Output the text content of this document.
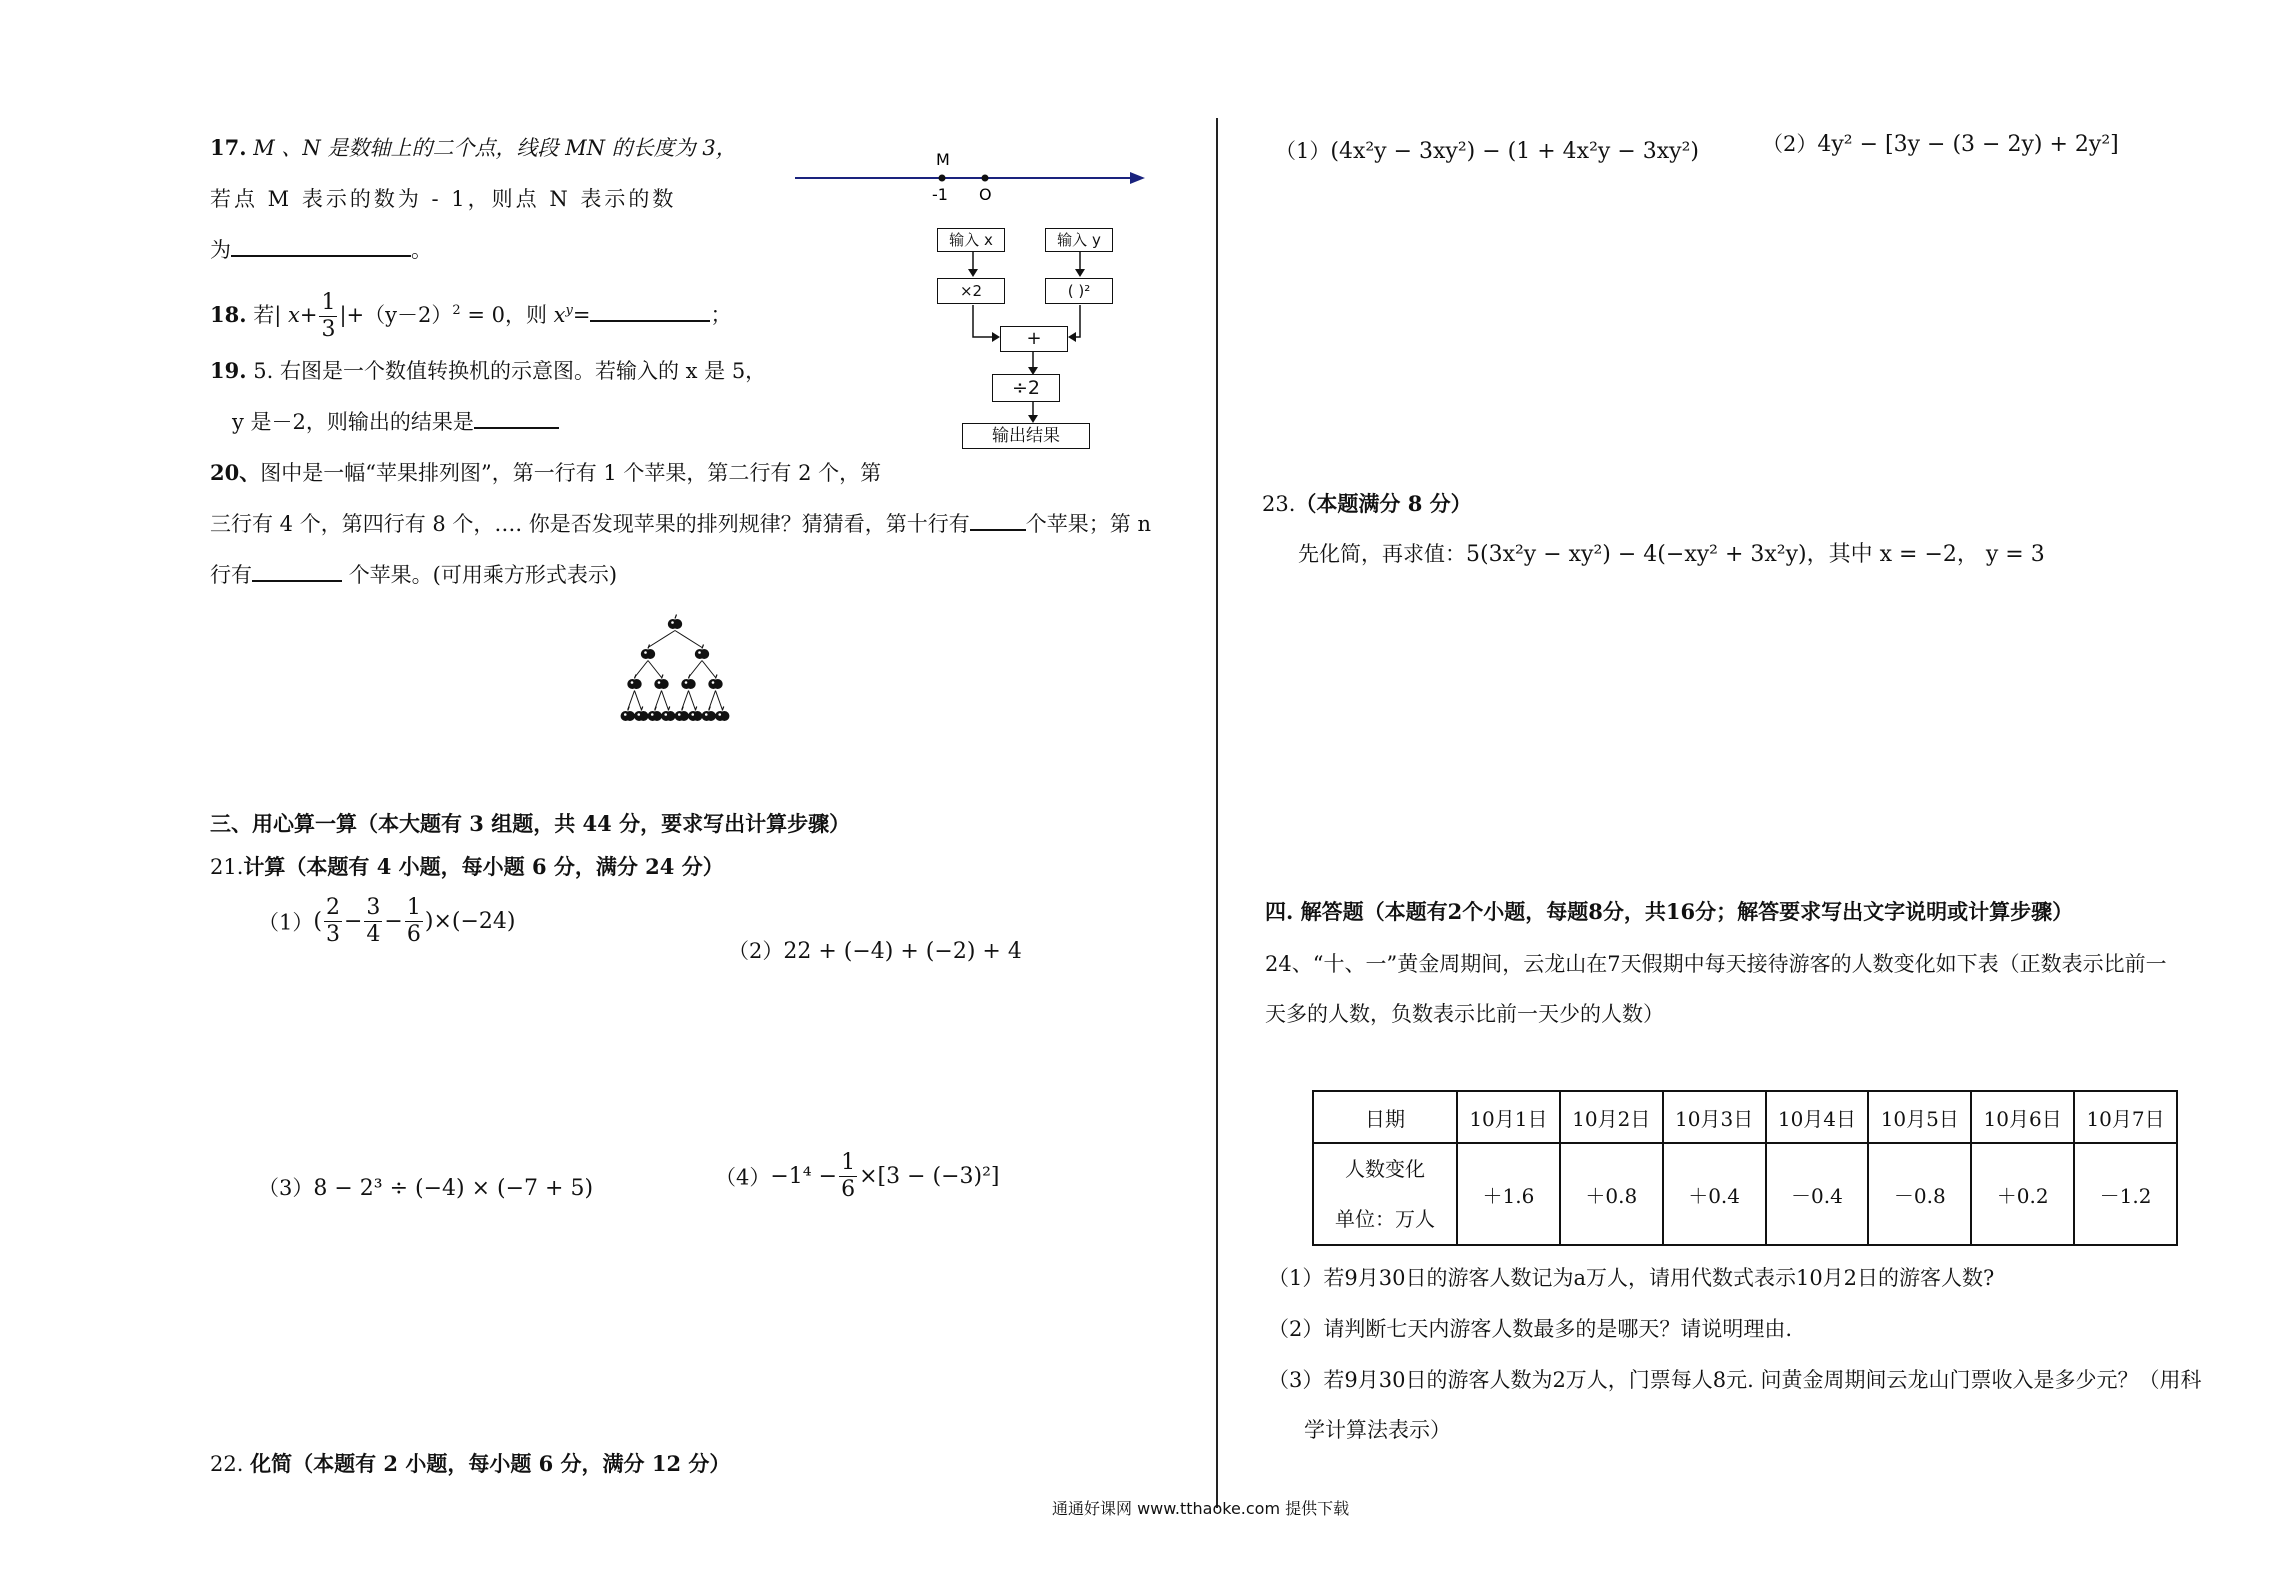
17. M 、N 是数轴上的二个点，线段 MN 的长度为 3，
若点 M 表示的数为 - 1，则点 N 表示的数
为	。
M
-1 O
18. 若| $x+ \frac{1}{3} |+(y-2)^2 = 0$，则 $x^y=$	；
19. 5. 右图是一个数值转换机的示意图。若输入的 x 是 5，
y 是－2，则输出的结果是
输入 x	输入 y
×2	( )²
+
÷2
输出结果
20、图中是一幅“苹果排列图”，第一行有 1 个苹果，第二行有 2 个，第
三行有 4 个，第四行有 8 个，…. 你是否发现苹果的排列规律？猜猜看，第十行有	个苹果；第 n
行有	个苹果。(可用乘方形式表示)
三、用心算一算（本大题有 3 组题，共 44 分，要求写出计算步骤）
21.计算（本题有 4 小题，每小题 6 分，满分 24 分）
$(1)( \frac{2}{3} - \frac{3}{4} - \frac{1}{6} )\times(-24)$
（2）22 + (−4) + (−2) + 4
（3）8 − 2³ ÷ (−4) × (−7 + 5)	$(4)-1^4 - \frac{1}{6} \times[3 - (-3)^2]$
22. 化简（本题有 2 小题，每小题 6 分，满分 12 分）
（1）(4x²y − 3xy²) − (1 + 4x²y − 3xy²)	（2）4y² − [3y − (3 − 2y) + 2y²]
23.（本题满分 8 分）
先化简，再求值：5(3x²y − xy²) − 4(−xy² + 3x²y)，其中 x = −2， y = 3
四. 解答题（本题有2个小题，每题8分，共16分；解答要求写出文字说明或计算步骤）
24、“十、一”黄金周期间，云龙山在7天假期中每天接待游客的人数变化如下表（正数表示比前一
天多的人数，负数表示比前一天少的人数）
日期	10月1日	10月2日	10月3日	10月4日	10月5日	10月6日	10月7日

人数变化
单位：万人	＋1.6	＋0.8	＋0.4	－0.4	－0.8	＋0.2	－1.2
（1）若9月30日的游客人数记为a万人，请用代数式表示10月2日的游客人数?
（2）请判断七天内游客人数最多的是哪天？请说明理由.
（3）若9月30日的游客人数为2万人，门票每人8元. 问黄金周期间云龙山门票收入是多少元？（用科
学计算法表示）
通通好课网 www.tthaoke.com 提供下载
